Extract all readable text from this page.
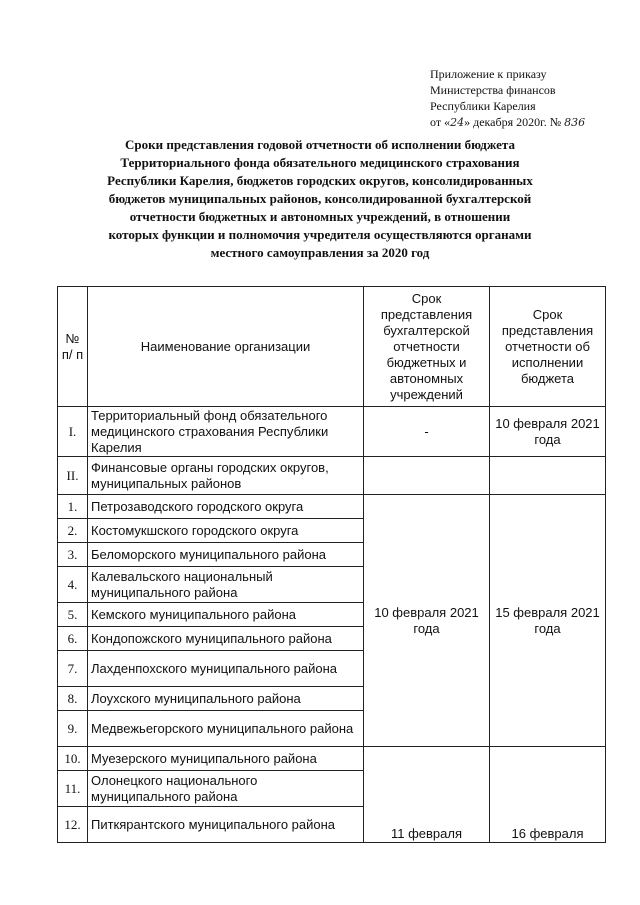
Приложение к приказу
Министерства финансов
Республики Карелия
от «24» декабря 2020г. № 836
Сроки представления годовой отчетности об исполнении бюджета
Территориального фонда обязательного медицинского страхования
Республики Карелия, бюджетов городских округов, консолидированных
бюджетов муниципальных районов, консолидированной бухгалтерской
отчетности бюджетных и автономных учреждений, в отношении
которых функции и полномочия учредителя осуществляются органами
местного самоуправления за 2020 год
№ п/ п	Наименование организации	Срок представления бухгалтерской отчетности бюджетных и автономных учреждений	Срок представления отчетности об исполнении бюджета
I.	Территориальный фонд обязательного медицинского страхования Республики Карелия	-	10 февраля 2021 года
II.	Финансовые органы городских округов, муниципальных районов		
1.	Петрозаводского городского округа	10 февраля 2021 года	15 февраля 2021 года
2.	Костомукшского городского округа		
3.	Беломорского муниципального района		
4.	Калевальского национальный муниципального района		
5.	Кемского муниципального района		
6.	Кондопожского муниципального района		
7.	Лахденпохского муниципального района		
8.	Лоухского муниципального района		
9.	Медвежьегорского муниципального района		
10.	Муезерского муниципального района	11 февраля	16 февраля
11.	Олонецкого национального муниципального района		
12.	Питкярантского муниципального района		
